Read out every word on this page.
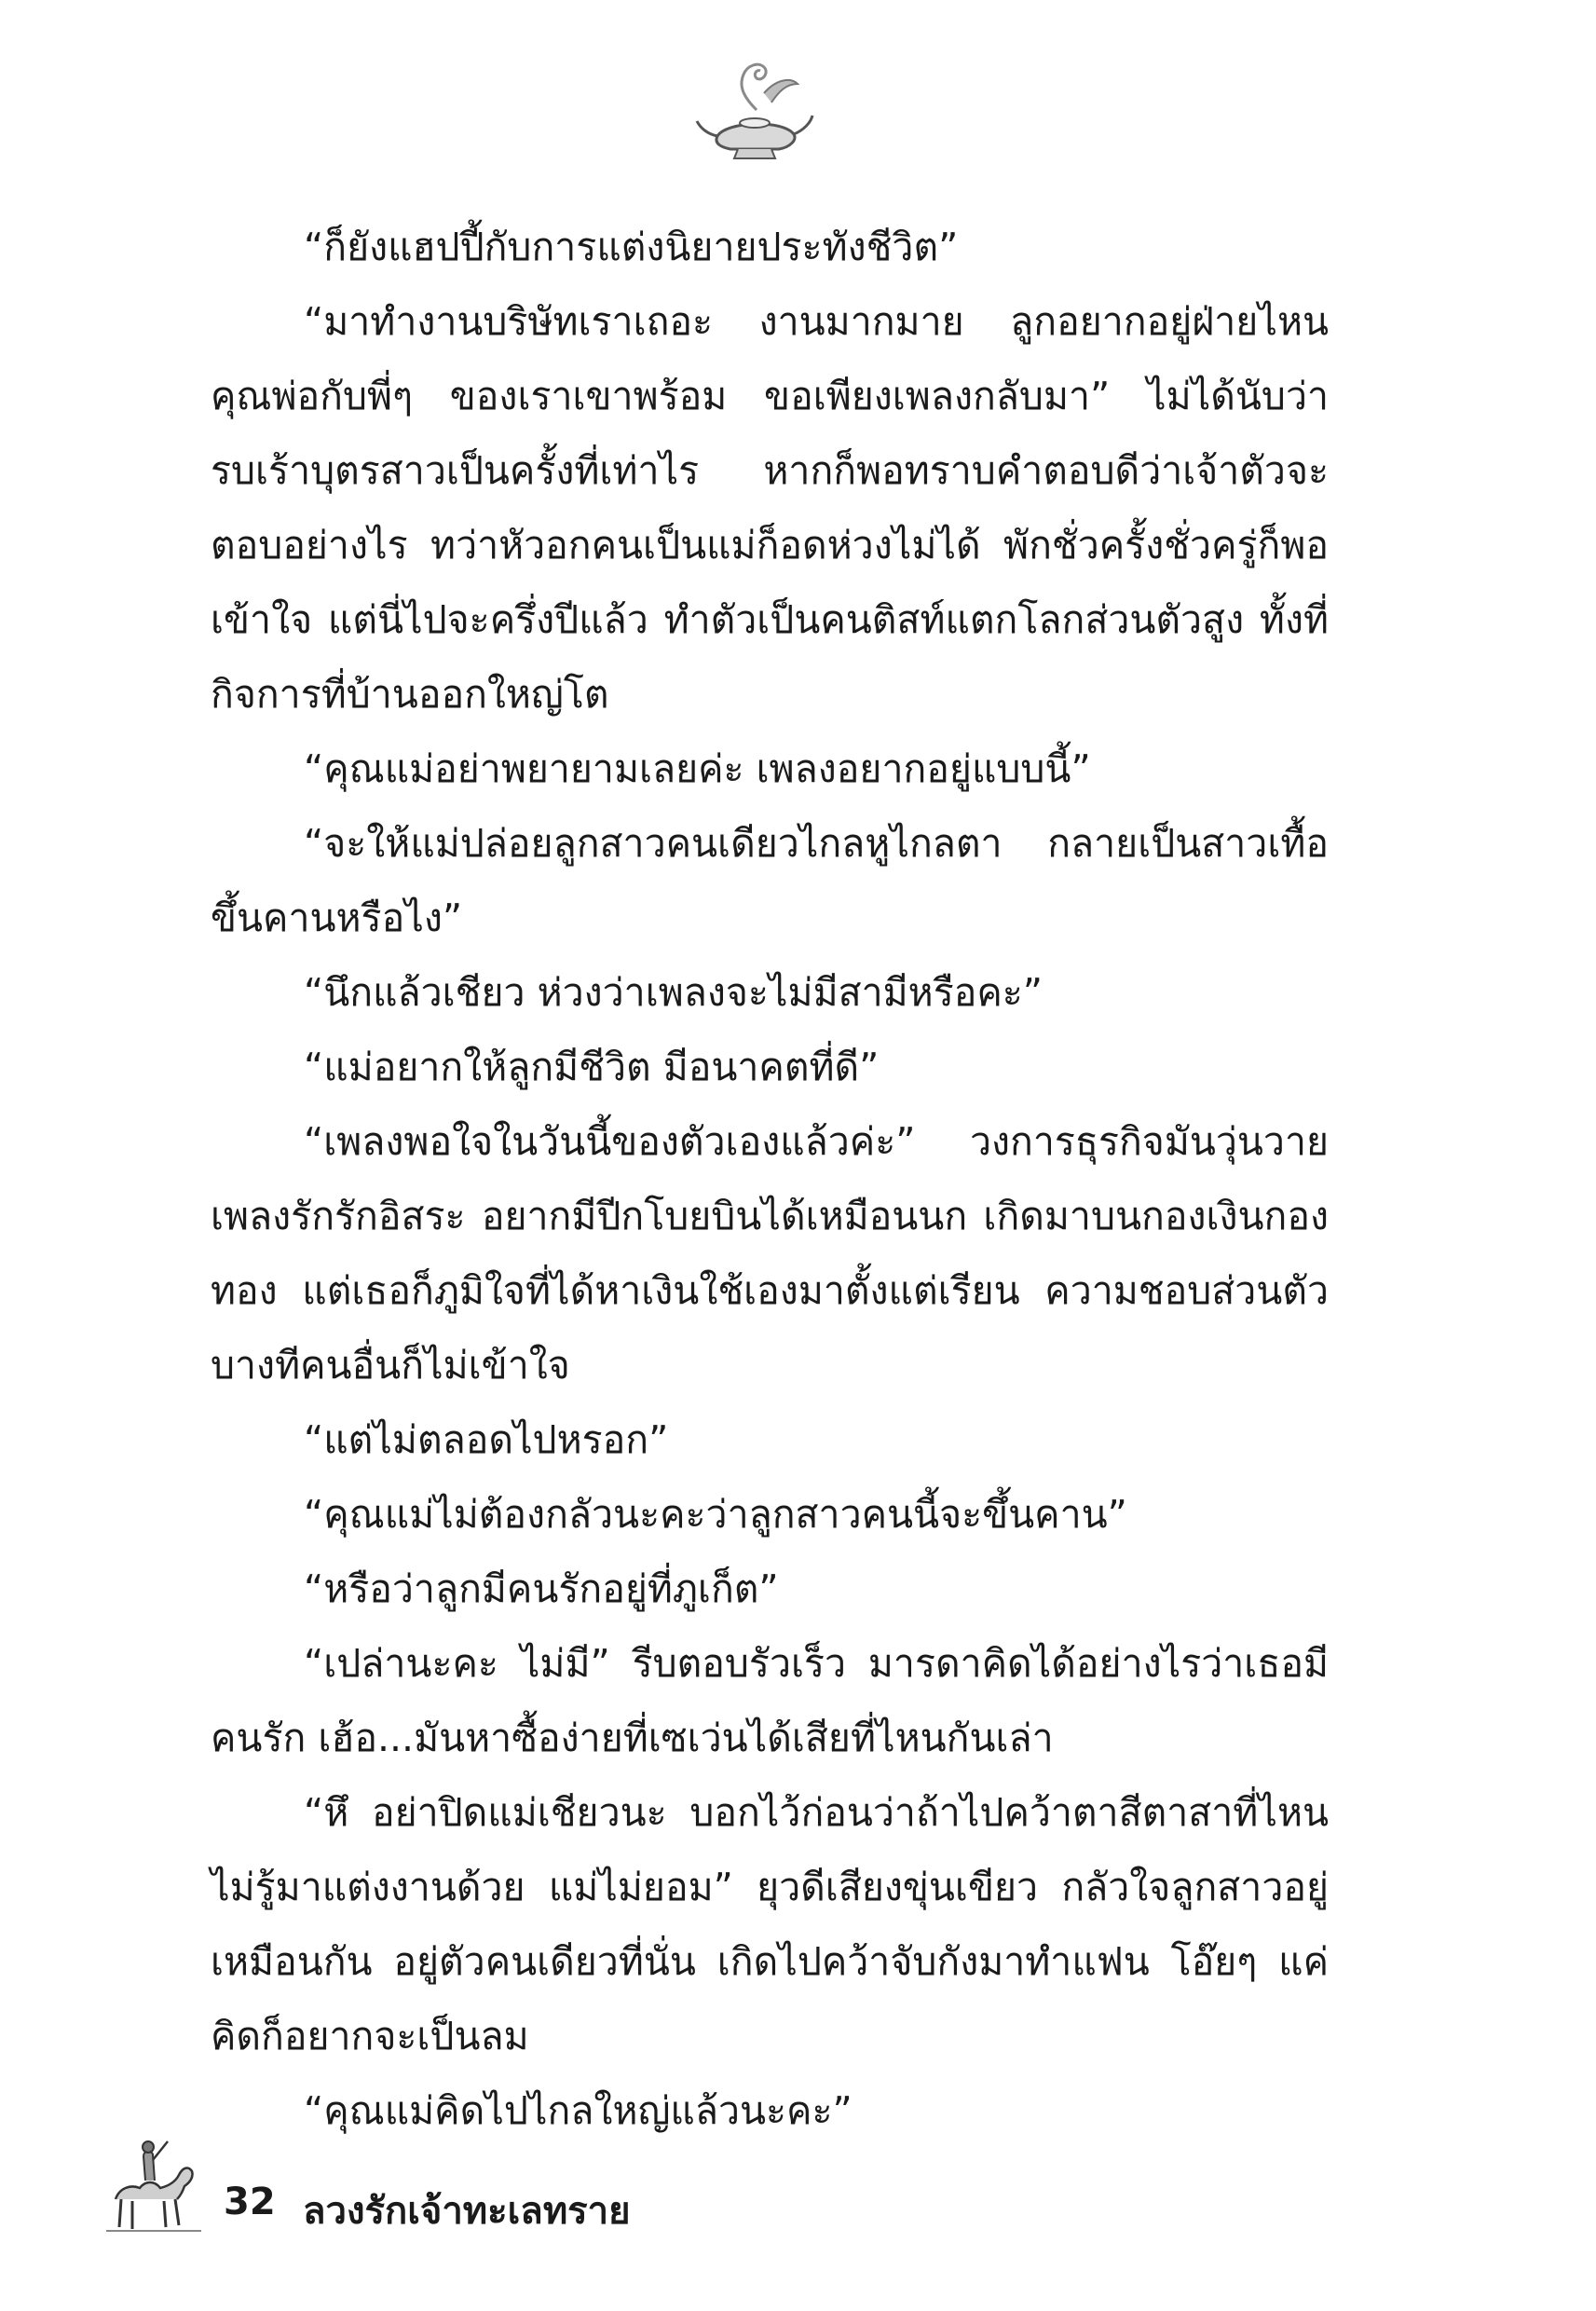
“ก็ยังแฮปปี้กับการแต่งนิยายประทังชีวิต”

“มาทำงานบริษัทเราเถอะ งานมากมาย ลูกอยากอยู่ฝ่ายไหน คุณพ่อกับพี่ๆ ของเราเขาพร้อม ขอเพียงเพลงกลับมา” ไม่ได้นับว่ารบเร้าบุตรสาวเป็นครั้งที่เท่าไร หากก็พอทราบคำตอบดีว่าเจ้าตัวจะตอบอย่างไร ทว่าหัวอกคนเป็นแม่ก็อดห่วงไม่ได้ พักชั่วครั้งชั่วครู่ก็พอเข้าใจ แต่นี่ไปจะครึ่งปีแล้ว ทำตัวเป็นคนติสท์แตกโลกส่วนตัวสูง ทั้งที่กิจการที่บ้านออกใหญ่โต

“คุณแม่อย่าพยายามเลยค่ะ เพลงอยากอยู่แบบนี้”

“จะให้แม่ปล่อยลูกสาวคนเดียวไกลหูไกลตา กลายเป็นสาวเทื้อขึ้นคานหรือไง”

“นึกแล้วเชียว ห่วงว่าเพลงจะไม่มีสามีหรือคะ”

“แม่อยากให้ลูกมีชีวิต มีอนาคตที่ดี”

“เพลงพอใจในวันนี้ของตัวเองแล้วค่ะ” วงการธุรกิจมันวุ่นวาย เพลงรักรักอิสระ อยากมีปีกโบยบินได้เหมือนนก เกิดมาบนกองเงินกองทอง แต่เธอก็ภูมิใจที่ได้หาเงินใช้เองมาตั้งแต่เรียน ความชอบส่วนตัวบางทีคนอื่นก็ไม่เข้าใจ

“แต่ไม่ตลอดไปหรอก”

“คุณแม่ไม่ต้องกลัวนะคะว่าลูกสาวคนนี้จะขึ้นคาน”

“หรือว่าลูกมีคนรักอยู่ที่ภูเก็ต”

“เปล่านะคะ ไม่มี” รีบตอบรัวเร็ว มารดาคิดได้อย่างไรว่าเธอมีคนรัก เฮ้อ...มันหาซื้อง่ายที่เซเว่นได้เสียที่ไหนกันเล่า

“หึ อย่าปิดแม่เชียวนะ บอกไว้ก่อนว่าถ้าไปคว้าตาสีตาสาที่ไหนไม่รู้มาแต่งงานด้วย แม่ไม่ยอม” ยุวดีเสียงขุ่นเขียว กลัวใจลูกสาวอยู่เหมือนกัน อยู่ตัวคนเดียวที่นั่น เกิดไปคว้าจับกังมาทำแฟน โอ๊ยๆ แค่คิดก็อยากจะเป็นลม

“คุณแม่คิดไปไกลใหญ่แล้วนะคะ”

32 ลวงรักเจ้าทะเลทราย
